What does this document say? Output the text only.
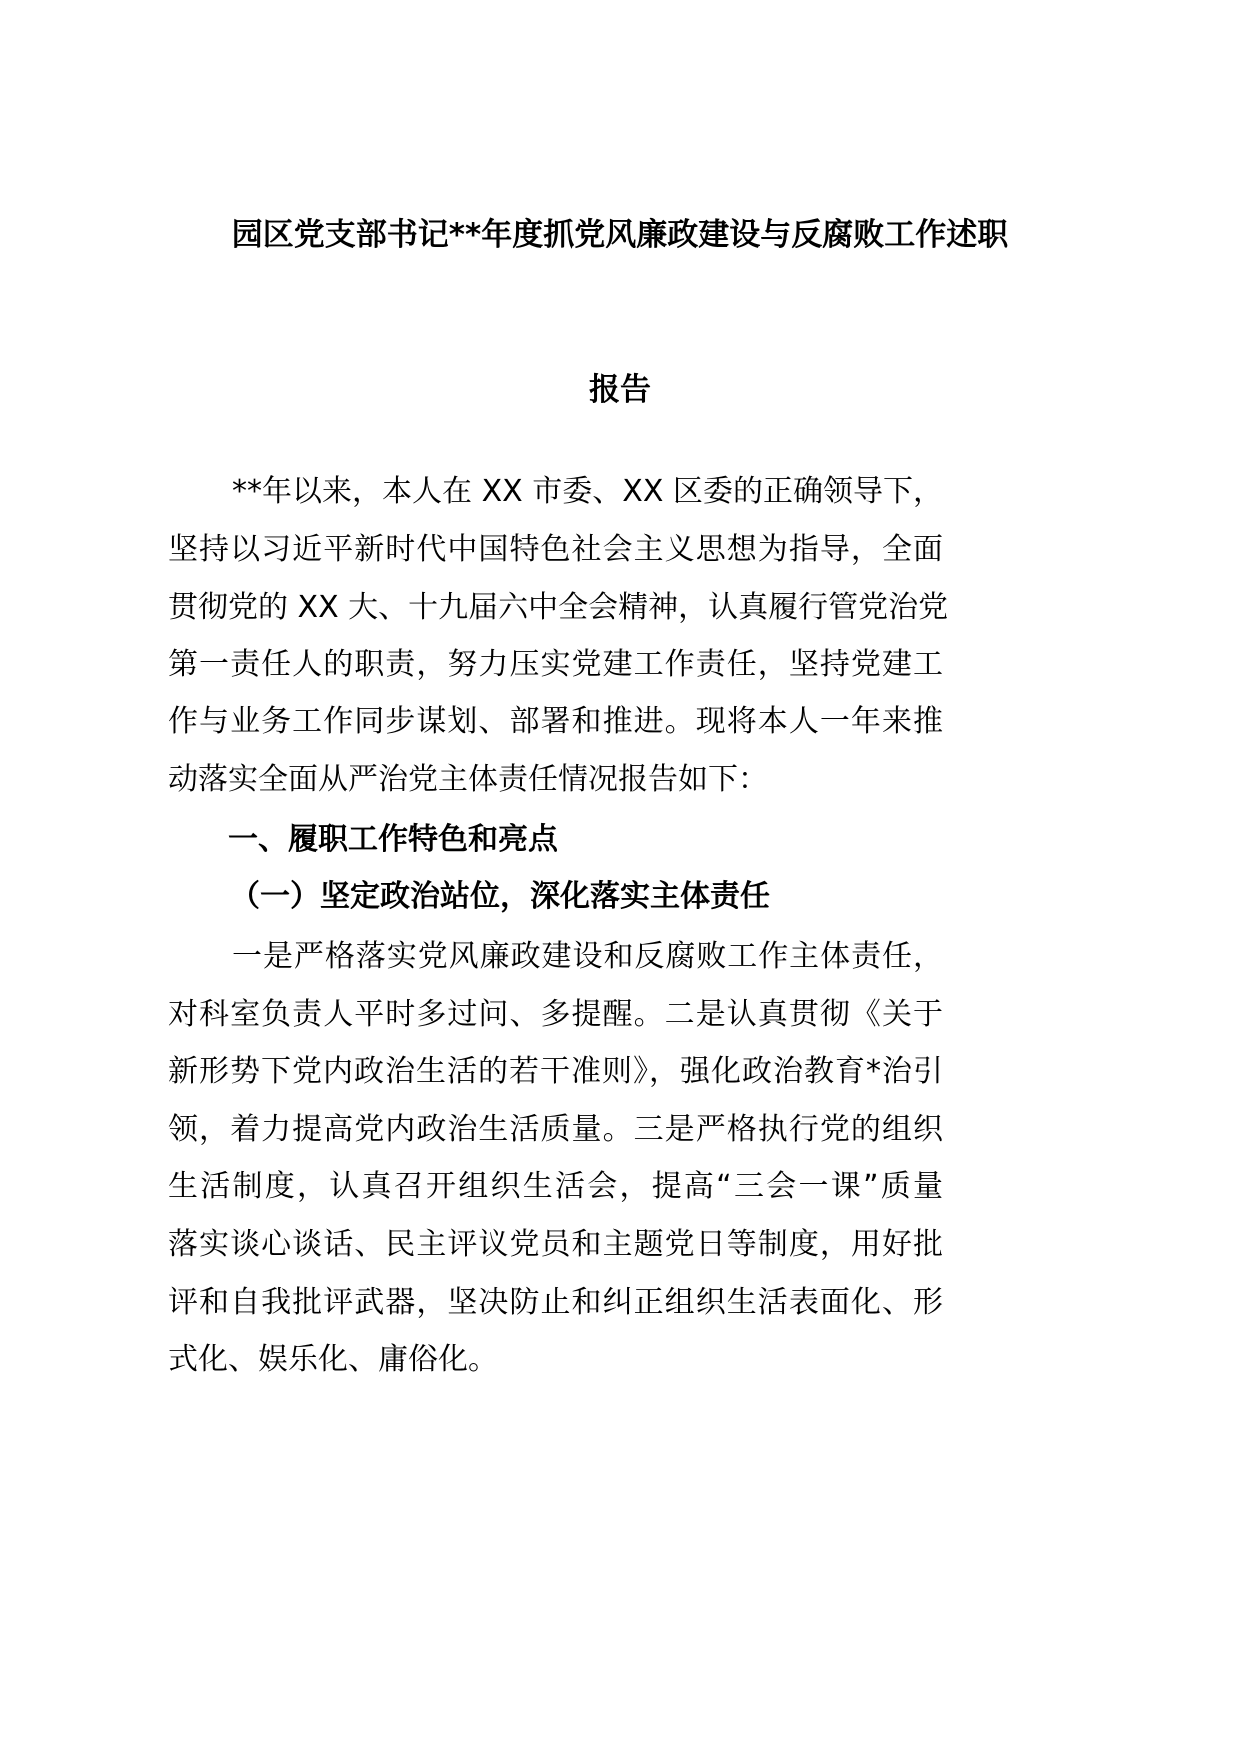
园区党支部书记**年度抓党风廉政建设与反腐败工作述职
报告
**年以来，本人在 XX 市委、XX 区委的正确领导下，
坚持以习近平新时代中国特色社会主义思想为指导，全面
贯彻党的 XX 大、十九届六中全会精神，认真履行管党治党
第一责任人的职责，努力压实党建工作责任，坚持党建工
作与业务工作同步谋划、部署和推进。现将本人一年来推
动落实全面从严治党主体责任情况报告如下：
一、履职工作特色和亮点
（一）坚定政治站位，深化落实主体责任
一是严格落实党风廉政建设和反腐败工作主体责任，
对科室负责人平时多过问、多提醒。二是认真贯彻《关于
新形势下党内政治生活的若干准则》，强化政治教育*治引
领，着力提高党内政治生活质量。三是严格执行党的组织
生活制度，认真召开组织生活会，提高“三会一课”质量
落实谈心谈话、民主评议党员和主题党日等制度，用好批
评和自我批评武器，坚决防止和纠正组织生活表面化、形
式化、娱乐化、庸俗化。
